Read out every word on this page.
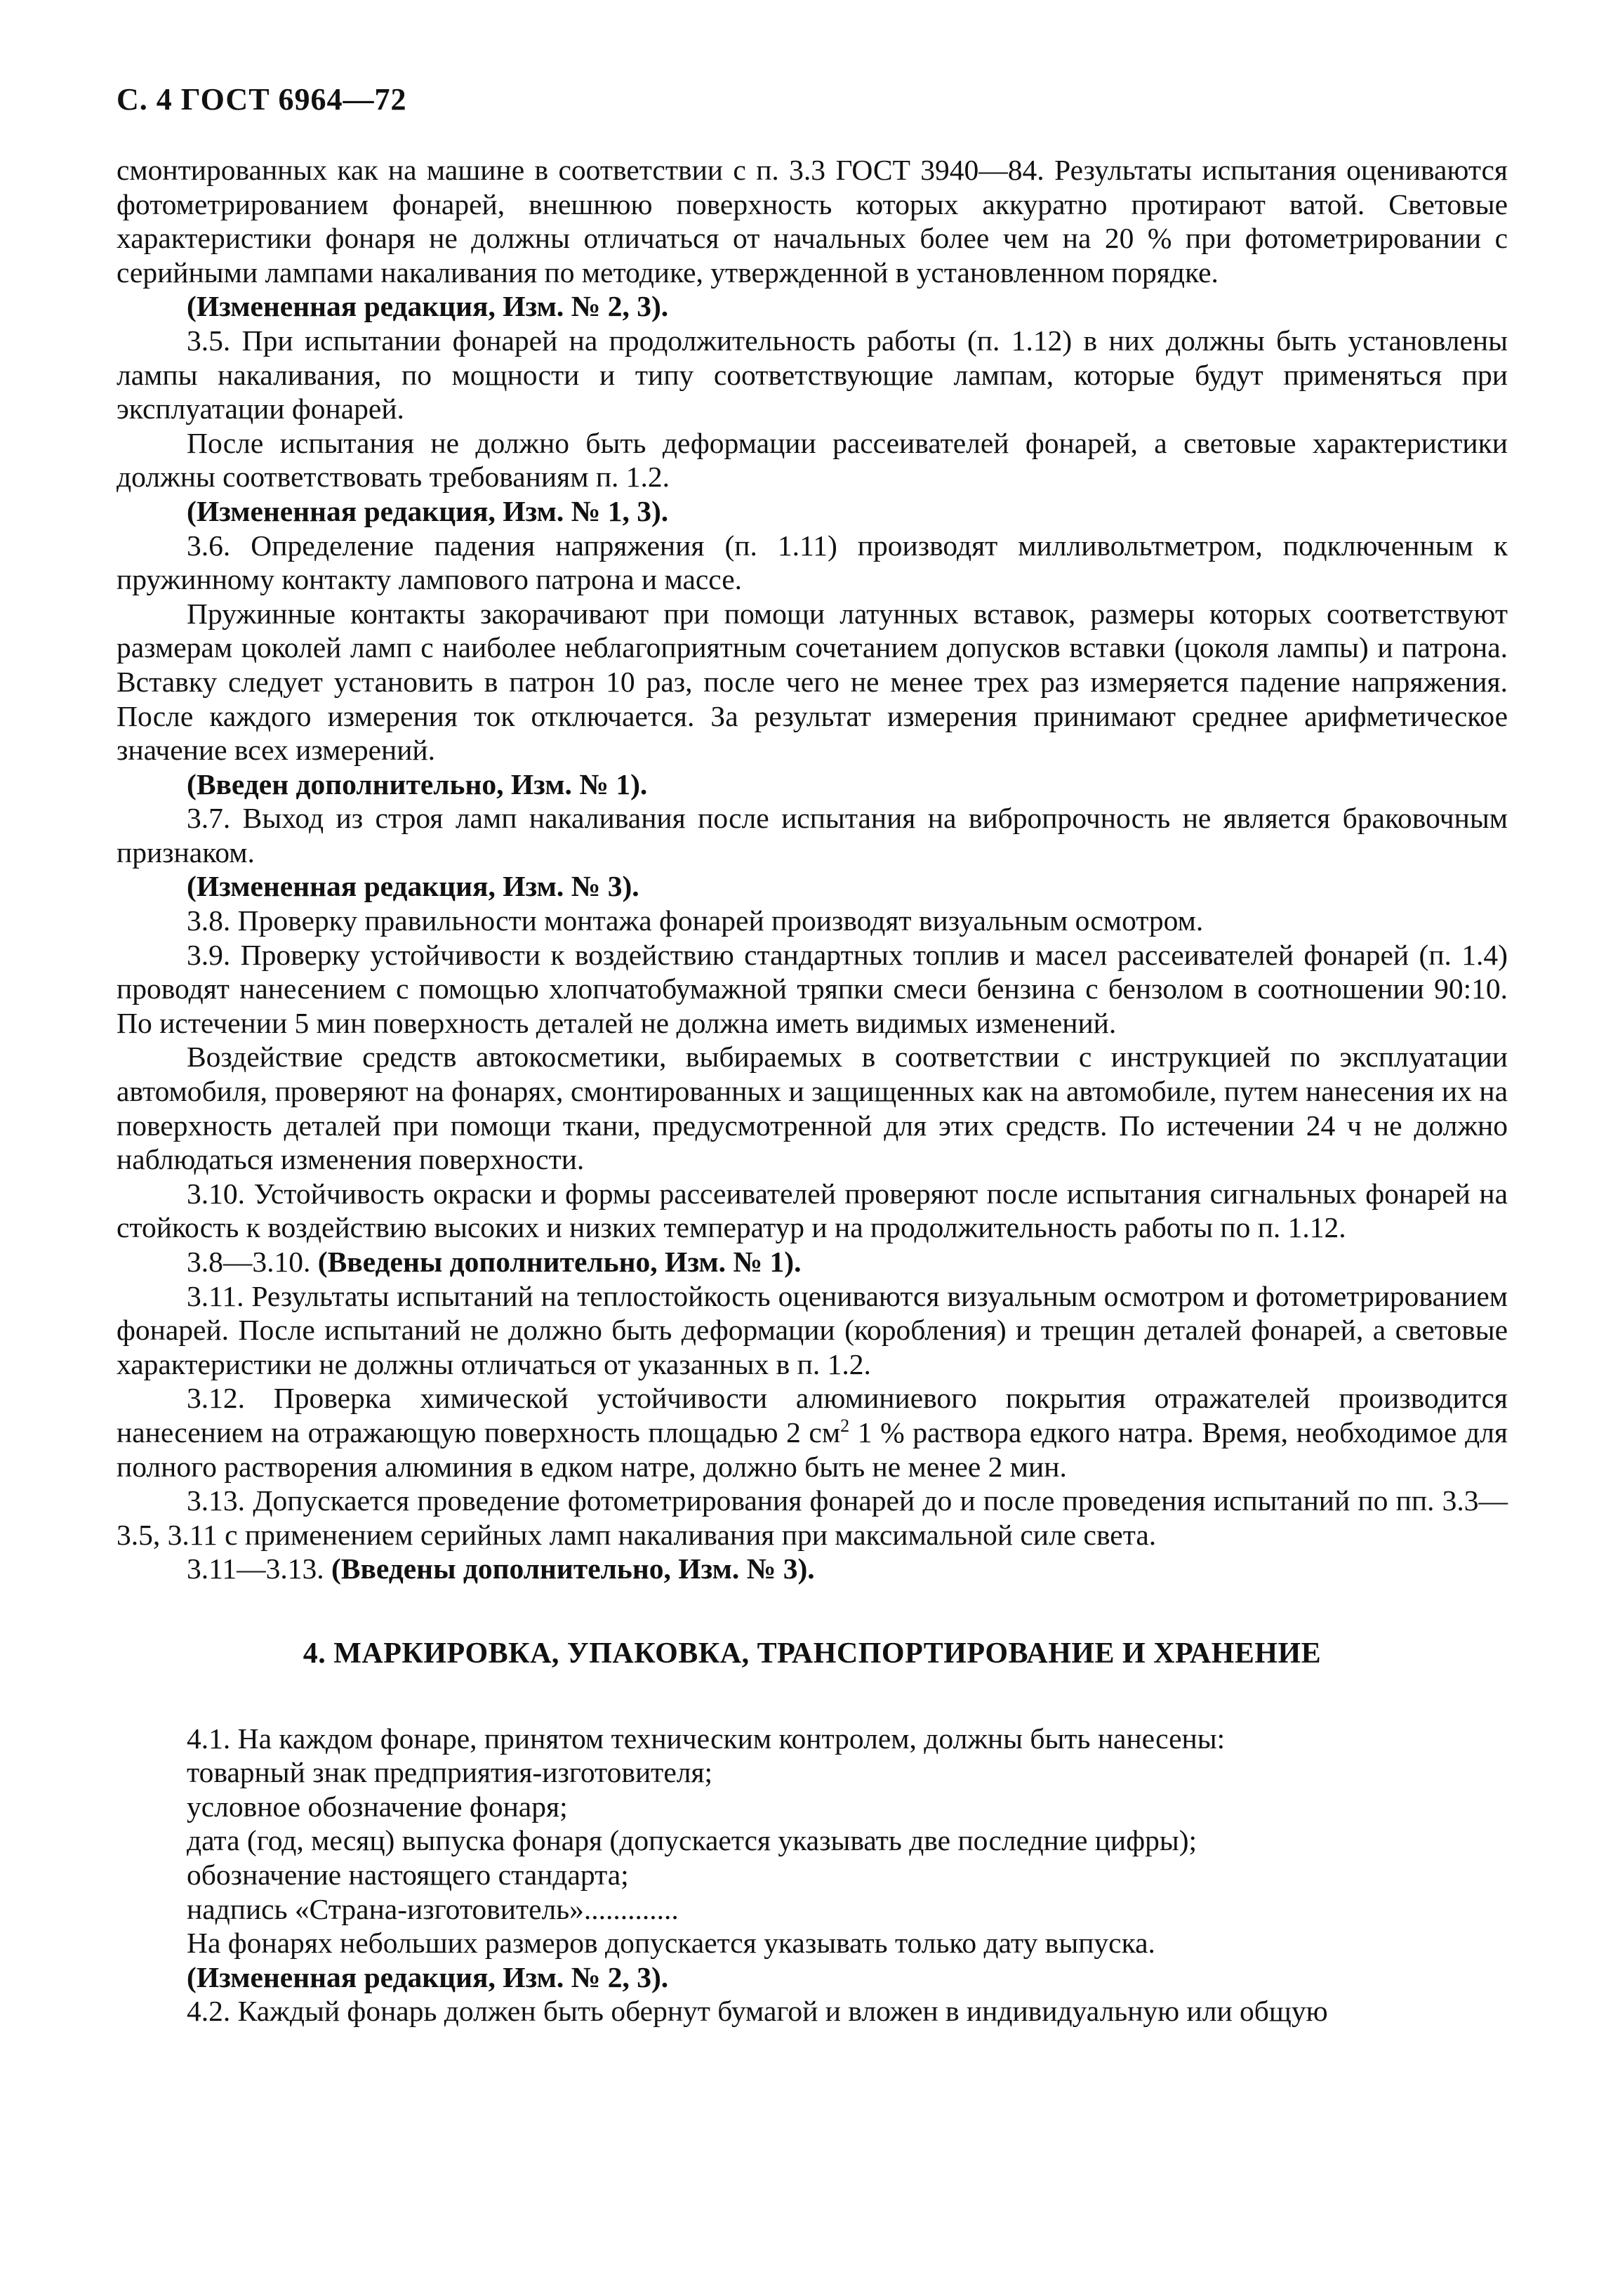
С. 4 ГОСТ 6964—72

смонтированных как на машине в соответствии с п. 3.3 ГОСТ 3940—84. Результаты испытания оцениваются фотометрированием фонарей, внешнюю поверхность которых аккуратно протирают ватой. Световые характеристики фонаря не должны отличаться от начальных более чем на 20 % при фотометрировании с серийными лампами накаливания по методике, утвержденной в установленном порядке.

(Измененная редакция, Изм. № 2, 3).

3.5. При испытании фонарей на продолжительность работы (п. 1.12) в них должны быть установлены лампы накаливания, по мощности и типу соответствующие лампам, которые будут применяться при эксплуатации фонарей.

После испытания не должно быть деформации рассеивателей фонарей, а световые характеристики должны соответствовать требованиям п. 1.2.

(Измененная редакция, Изм. № 1, 3).

3.6. Определение падения напряжения (п. 1.11) производят милливольтметром, подключенным к пружинному контакту лампового патрона и массе.

Пружинные контакты закорачивают при помощи латунных вставок, размеры которых соответствуют размерам цоколей ламп с наиболее неблагоприятным сочетанием допусков вставки (цоколя лампы) и патрона. Вставку следует установить в патрон 10 раз, после чего не менее трех раз измеряется падение напряжения. После каждого измерения ток отключается. За результат измерения принимают среднее арифметическое значение всех измерений.

(Введен дополнительно, Изм. № 1).

3.7. Выход из строя ламп накаливания после испытания на вибропрочность не является браковочным признаком.

(Измененная редакция, Изм. № 3).

3.8. Проверку правильности монтажа фонарей производят визуальным осмотром.

3.9. Проверку устойчивости к воздействию стандартных топлив и масел рассеивателей фонарей (п. 1.4) проводят нанесением с помощью хлопчатобумажной тряпки смеси бензина с бензолом в соотношении 90:10. По истечении 5 мин поверхность деталей не должна иметь видимых изменений.

Воздействие средств автокосметики, выбираемых в соответствии с инструкцией по эксплуатации автомобиля, проверяют на фонарях, смонтированных и защищенных как на автомобиле, путем нанесения их на поверхность деталей при помощи ткани, предусмотренной для этих средств. По истечении 24 ч не должно наблюдаться изменения поверхности.

3.10. Устойчивость окраски и формы рассеивателей проверяют после испытания сигнальных фонарей на стойкость к воздействию высоких и низких температур и на продолжительность работы по п. 1.12.

3.8—3.10. (Введены дополнительно, Изм. № 1).

3.11. Результаты испытаний на теплостойкость оцениваются визуальным осмотром и фотометрированием фонарей. После испытаний не должно быть деформации (коробления) и трещин деталей фонарей, а световые характеристики не должны отличаться от указанных в п. 1.2.

3.12. Проверка химической устойчивости алюминиевого покрытия отражателей производится нанесением на отражающую поверхность площадью 2 $см^2$ 1 % раствора едкого натра. Время, необходимое для полного растворения алюминия в едком натре, должно быть не менее 2 мин.

3.13. Допускается проведение фотометрирования фонарей до и после проведения испытаний по пп. 3.3—3.5, 3.11 с применением серийных ламп накаливания при максимальной силе света.

3.11—3.13. (Введены дополнительно, Изм. № 3).

4. МАРКИРОВКА, УПАКОВКА, ТРАНСПОРТИРОВАНИЕ И ХРАНЕНИЕ

4.1. На каждом фонаре, принятом техническим контролем, должны быть нанесены:

товарный знак предприятия-изготовителя;

условное обозначение фонаря;

дата (год, месяц) выпуска фонаря (допускается указывать две последние цифры);

обозначение настоящего стандарта;

надпись «Страна-изготовитель».............

На фонарях небольших размеров допускается указывать только дату выпуска.

(Измененная редакция, Изм. № 2, 3).

4.2. Каждый фонарь должен быть обернут бумагой и вложен в индивидуальную или общую
